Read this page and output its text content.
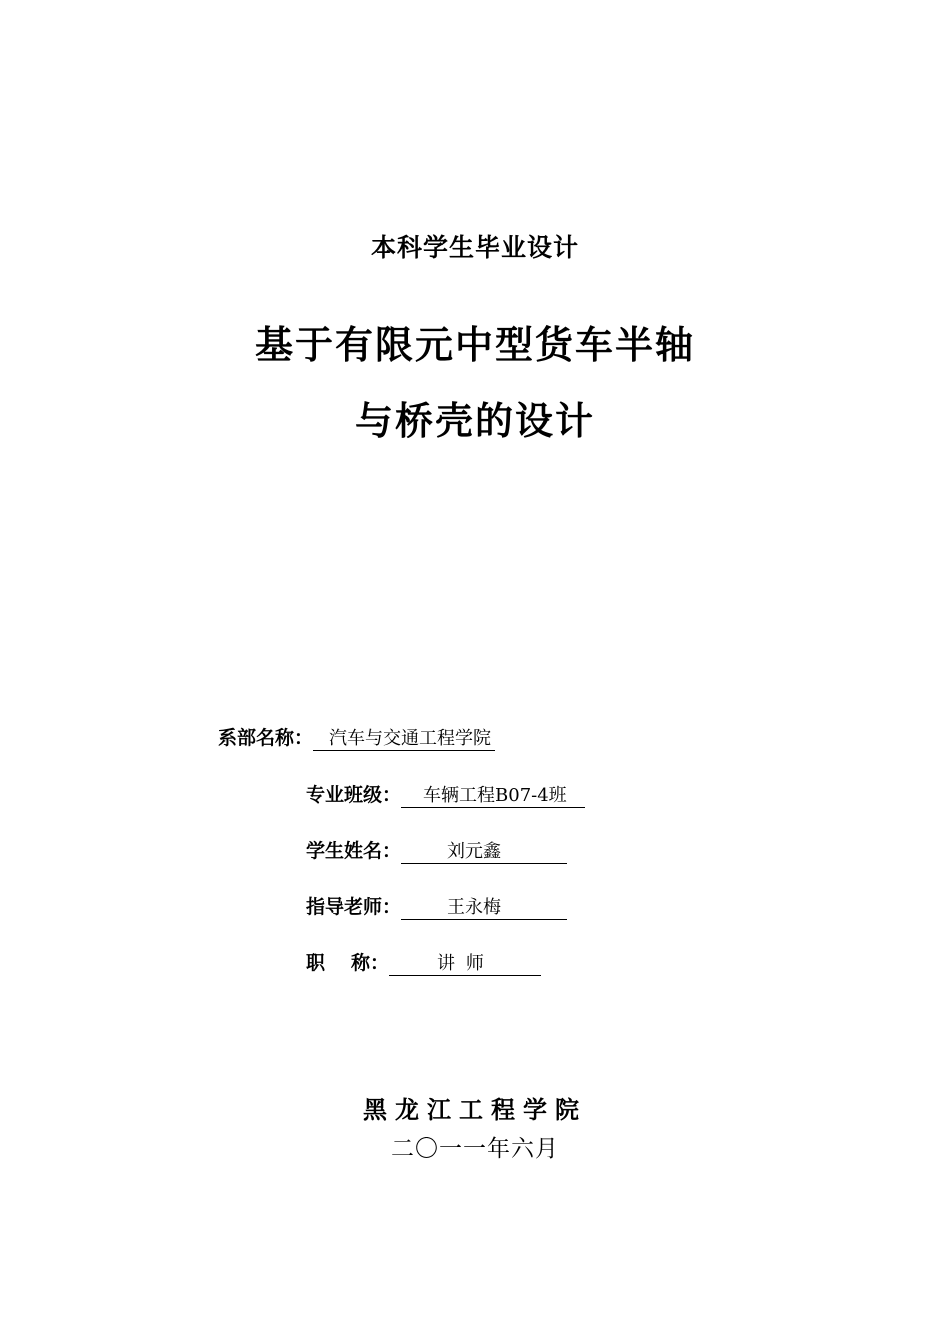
本科学生毕业设计
基于有限元中型货车半轴
与桥壳的设计
系部名称： 汽车与交通工程学院
专业班级： 车辆工程B07-4班
学生姓名：	刘元鑫
指导老师：	王永梅
职 称：	讲 师
黑龙江工程学院
二〇一一年六月
